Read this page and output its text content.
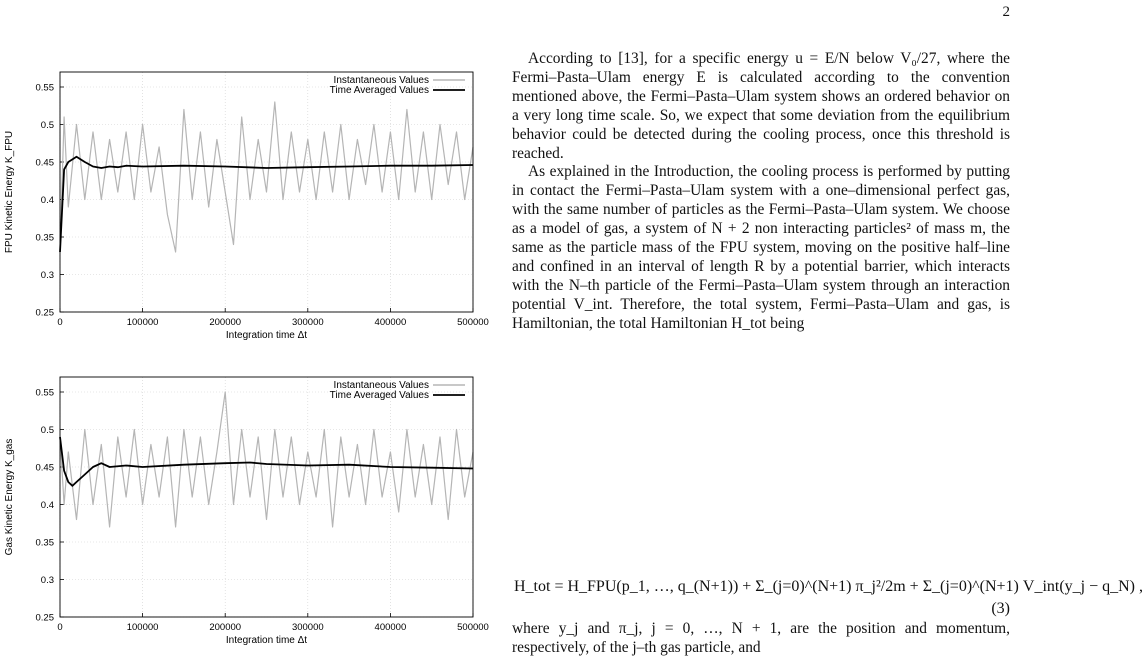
2
0.25
0.3
0.35
0.4
0.45
0.5
0.55
0	100000	200000	300000	400000	500000
Instantaneous Values
Time Averaged Values
Integration time Δt
FPU Kinetic Energy K_FPU
0.25
0.3
0.35
0.4
0.45
0.5
0.55
0	100000	200000	300000	400000	500000
Instantaneous Values
Time Averaged Values
Integration time Δt
Gas Kinetic Energy K_gas

According to [13], for a specific energy u = E/N below V₀/27, where the Fermi–Pasta–Ulam energy E is calculated according to the convention mentioned above, the Fermi–Pasta–Ulam system shows an ordered behavior on a very long time scale. So, we expect that some deviation from the equilibrium behavior could be detected during the cooling process, once this threshold is reached.

As explained in the Introduction, the cooling process is performed by putting in contact the Fermi–Pasta–Ulam system with a one–dimensional perfect gas, with the same number of particles as the Fermi–Pasta–Ulam system. We choose as a model of gas, a system of N + 2 non interacting particles² of mass m, the same as the particle mass of the FPU system, moving on the positive half–line and confined in an interval of length R by a potential barrier, which interacts with the N–th particle of the Fermi–Pasta–Ulam system through an interaction potential V_int. Therefore, the total system, Fermi–Pasta–Ulam and gas, is Hamiltonian, the total Hamiltonian H_tot being

H_tot = H_FPU(p_1, …, q_(N+1)) + Σ_(j=0)^(N+1) π_j²/2m + Σ_(j=0)^(N+1) V_int(y_j − q_N) ,
(3)
where y_j and π_j, j = 0, …, N + 1, are the position and momentum, respectively, of the j–th gas particle, and
